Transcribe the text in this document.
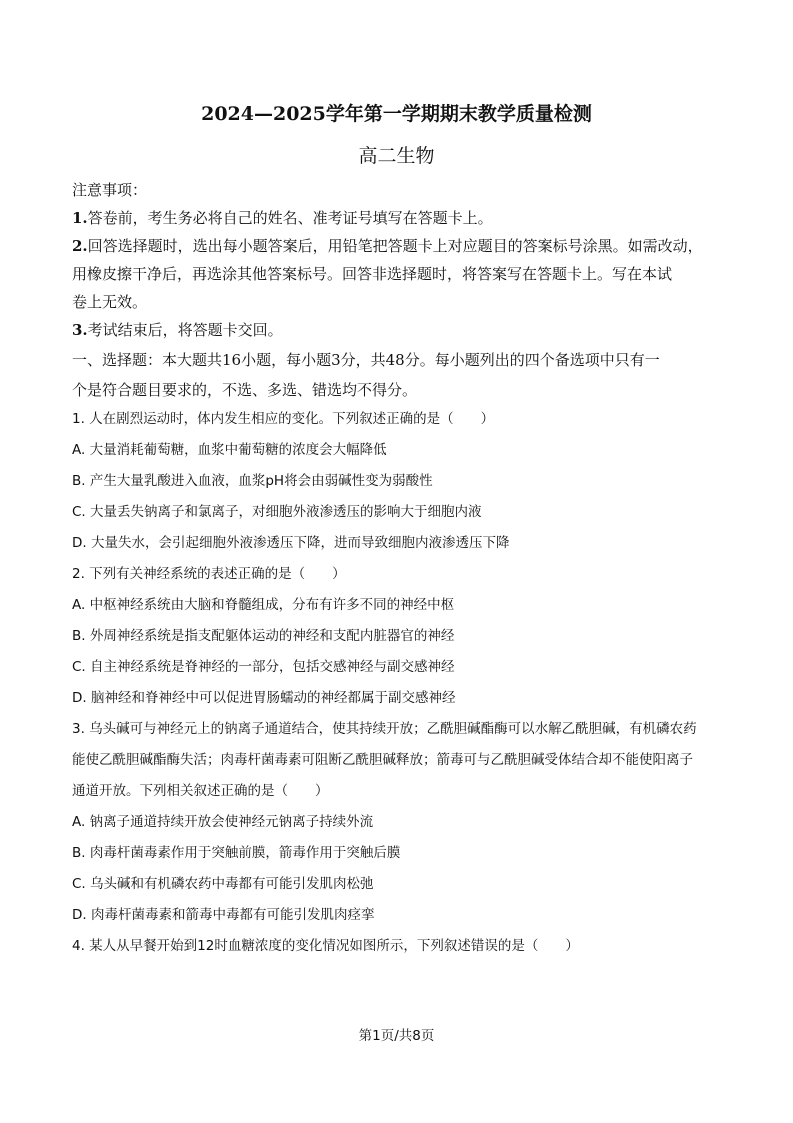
2024—2025学年第一学期期末教学质量检测
高二生物

注意事项：

1.答卷前，考生务必将自己的姓名、准考证号填写在答题卡上。

2.回答选择题时，选出每小题答案后，用铅笔把答题卡上对应题目的答案标号涂黑。如需改动，

用橡皮擦干净后，再选涂其他答案标号。回答非选择题时，将答案写在答题卡上。写在本试

卷上无效。

3.考试结束后，将答题卡交回。

一、选择题：本大题共16小题，每小题3分，共48分。每小题列出的四个备选项中只有一

个是符合题目要求的，不选、多选、错选均不得分。

1. 人在剧烈运动时，体内发生相应的变化。下列叙述正确的是（　　）
A. 大量消耗葡萄糖，血浆中葡萄糖的浓度会大幅降低
B. 产生大量乳酸进入血液，血浆pH将会由弱碱性变为弱酸性
C. 大量丢失钠离子和氯离子，对细胞外液渗透压的影响大于细胞内液
D. 大量失水，会引起细胞外液渗透压下降，进而导致细胞内液渗透压下降
2. 下列有关神经系统的表述正确的是（　　）
A. 中枢神经系统由大脑和脊髓组成，分布有许多不同的神经中枢
B. 外周神经系统是指支配躯体运动的神经和支配内脏器官的神经
C. 自主神经系统是脊神经的一部分，包括交感神经与副交感神经
D. 脑神经和脊神经中可以促进胃肠蠕动的神经都属于副交感神经
3. 乌头碱可与神经元上的钠离子通道结合，使其持续开放；乙酰胆碱酯酶可以水解乙酰胆碱，有机磷农药
能使乙酰胆碱酯酶失活；肉毒杆菌毒素可阻断乙酰胆碱释放；箭毒可与乙酰胆碱受体结合却不能使阳离子
通道开放。下列相关叙述正确的是（　　）
A. 钠离子通道持续开放会使神经元钠离子持续外流
B. 肉毒杆菌毒素作用于突触前膜，箭毒作用于突触后膜
C. 乌头碱和有机磷农药中毒都有可能引发肌肉松弛
D. 肉毒杆菌毒素和箭毒中毒都有可能引发肌肉痉挛
4. 某人从早餐开始到12时血糖浓度的变化情况如图所示，下列叙述错误的是（　　）
第1页/共8页
